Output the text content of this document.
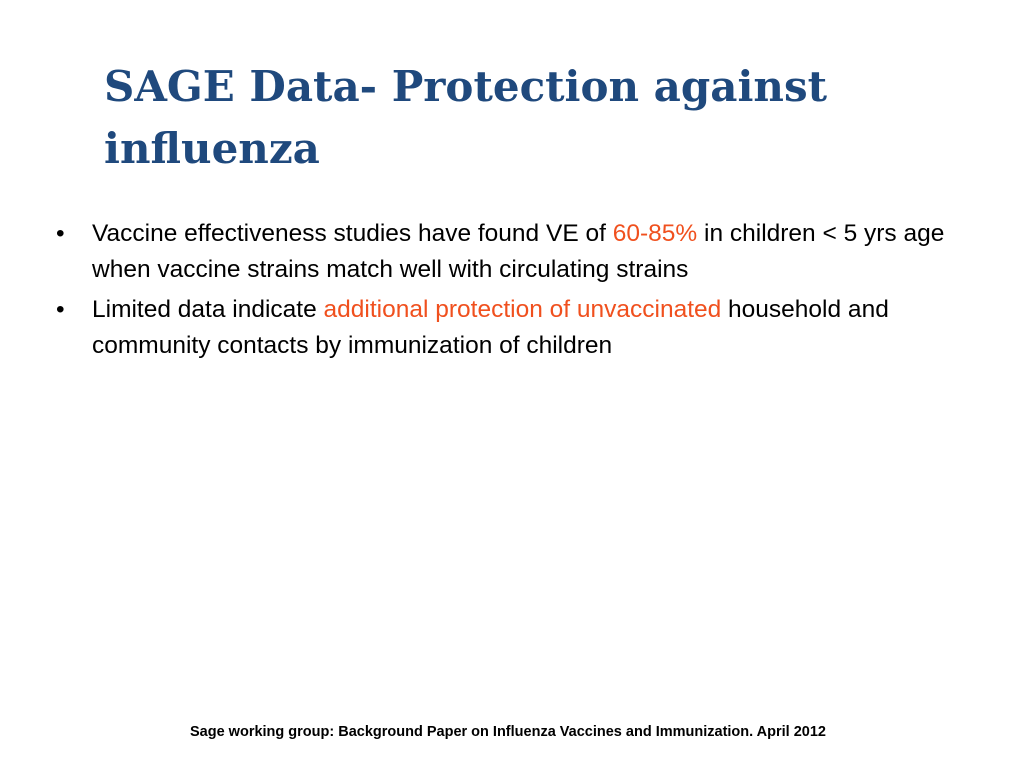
SAGE Data- Protection against influenza
•	Vaccine effectiveness studies have found VE of 60-85% in children < 5 yrs age when vaccine strains match well with circulating strains
•	Limited data indicate additional protection of unvaccinated household and community contacts by immunization of children

Sage working group: Background Paper on Influenza Vaccines and Immunization. April 2012
